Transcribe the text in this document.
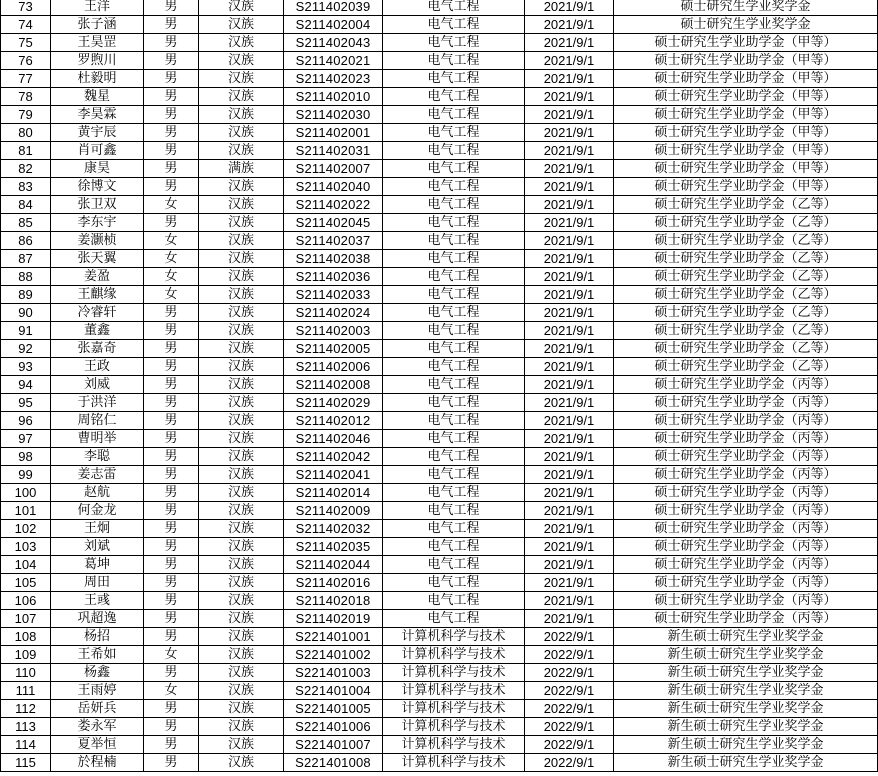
73	王洋	男	汉族	S211402039	电气工程	2021/9/1	硕士研究生学业奖学金
74	张子涵	男	汉族	S211402004	电气工程	2021/9/1	硕士研究生学业奖学金
75	王昊罡	男	汉族	S211402043	电气工程	2021/9/1	硕士研究生学业助学金（甲等）
76	罗煦川	男	汉族	S211402021	电气工程	2021/9/1	硕士研究生学业助学金（甲等）
77	杜毅明	男	汉族	S211402023	电气工程	2021/9/1	硕士研究生学业助学金（甲等）
78	魏星	男	汉族	S211402010	电气工程	2021/9/1	硕士研究生学业助学金（甲等）
79	李昊霖	男	汉族	S211402030	电气工程	2021/9/1	硕士研究生学业助学金（甲等）
80	黄宇辰	男	汉族	S211402001	电气工程	2021/9/1	硕士研究生学业助学金（甲等）
81	肖可鑫	男	汉族	S211402031	电气工程	2021/9/1	硕士研究生学业助学金（甲等）
82	康昊	男	满族	S211402007	电气工程	2021/9/1	硕士研究生学业助学金（甲等）
83	徐博文	男	汉族	S211402040	电气工程	2021/9/1	硕士研究生学业助学金（甲等）
84	张卫双	女	汉族	S211402022	电气工程	2021/9/1	硕士研究生学业助学金（乙等）
85	李东宇	男	汉族	S211402045	电气工程	2021/9/1	硕士研究生学业助学金（乙等）
86	姜灏桢	女	汉族	S211402037	电气工程	2021/9/1	硕士研究生学业助学金（乙等）
87	张天翼	女	汉族	S211402038	电气工程	2021/9/1	硕士研究生学业助学金（乙等）
88	姜盈	女	汉族	S211402036	电气工程	2021/9/1	硕士研究生学业助学金（乙等）
89	王麒缘	女	汉族	S211402033	电气工程	2021/9/1	硕士研究生学业助学金（乙等）
90	冷睿轩	男	汉族	S211402024	电气工程	2021/9/1	硕士研究生学业助学金（乙等）
91	董鑫	男	汉族	S211402003	电气工程	2021/9/1	硕士研究生学业助学金（乙等）
92	张嘉奇	男	汉族	S211402005	电气工程	2021/9/1	硕士研究生学业助学金（乙等）
93	王政	男	汉族	S211402006	电气工程	2021/9/1	硕士研究生学业助学金（乙等）
94	刘威	男	汉族	S211402008	电气工程	2021/9/1	硕士研究生学业助学金（丙等）
95	于洪洋	男	汉族	S211402029	电气工程	2021/9/1	硕士研究生学业助学金（丙等）
96	周铭仁	男	汉族	S211402012	电气工程	2021/9/1	硕士研究生学业助学金（丙等）
97	曹明举	男	汉族	S211402046	电气工程	2021/9/1	硕士研究生学业助学金（丙等）
98	李聪	男	汉族	S211402042	电气工程	2021/9/1	硕士研究生学业助学金（丙等）
99	姜志雷	男	汉族	S211402041	电气工程	2021/9/1	硕士研究生学业助学金（丙等）
100	赵航	男	汉族	S211402014	电气工程	2021/9/1	硕士研究生学业助学金（丙等）
101	何金龙	男	汉族	S211402009	电气工程	2021/9/1	硕士研究生学业助学金（丙等）
102	王炯	男	汉族	S211402032	电气工程	2021/9/1	硕士研究生学业助学金（丙等）
103	刘斌	男	汉族	S211402035	电气工程	2021/9/1	硕士研究生学业助学金（丙等）
104	葛坤	男	汉族	S211402044	电气工程	2021/9/1	硕士研究生学业助学金（丙等）
105	周田	男	汉族	S211402016	电气工程	2021/9/1	硕士研究生学业助学金（丙等）
106	王彧	男	汉族	S211402018	电气工程	2021/9/1	硕士研究生学业助学金（丙等）
107	巩超逸	男	汉族	S211402019	电气工程	2021/9/1	硕士研究生学业助学金（丙等）
108	杨招	男	汉族	S221401001	计算机科学与技术	2022/9/1	新生硕士研究生学业奖学金
109	王希如	女	汉族	S221401002	计算机科学与技术	2022/9/1	新生硕士研究生学业奖学金
110	杨鑫	男	汉族	S221401003	计算机科学与技术	2022/9/1	新生硕士研究生学业奖学金
111	王雨婷	女	汉族	S221401004	计算机科学与技术	2022/9/1	新生硕士研究生学业奖学金
112	岳妍兵	男	汉族	S221401005	计算机科学与技术	2022/9/1	新生硕士研究生学业奖学金
113	娄永军	男	汉族	S221401006	计算机科学与技术	2022/9/1	新生硕士研究生学业奖学金
114	夏举恒	男	汉族	S221401007	计算机科学与技术	2022/9/1	新生硕士研究生学业奖学金
115	於程楠	男	汉族	S221401008	计算机科学与技术	2022/9/1	新生硕士研究生学业奖学金
